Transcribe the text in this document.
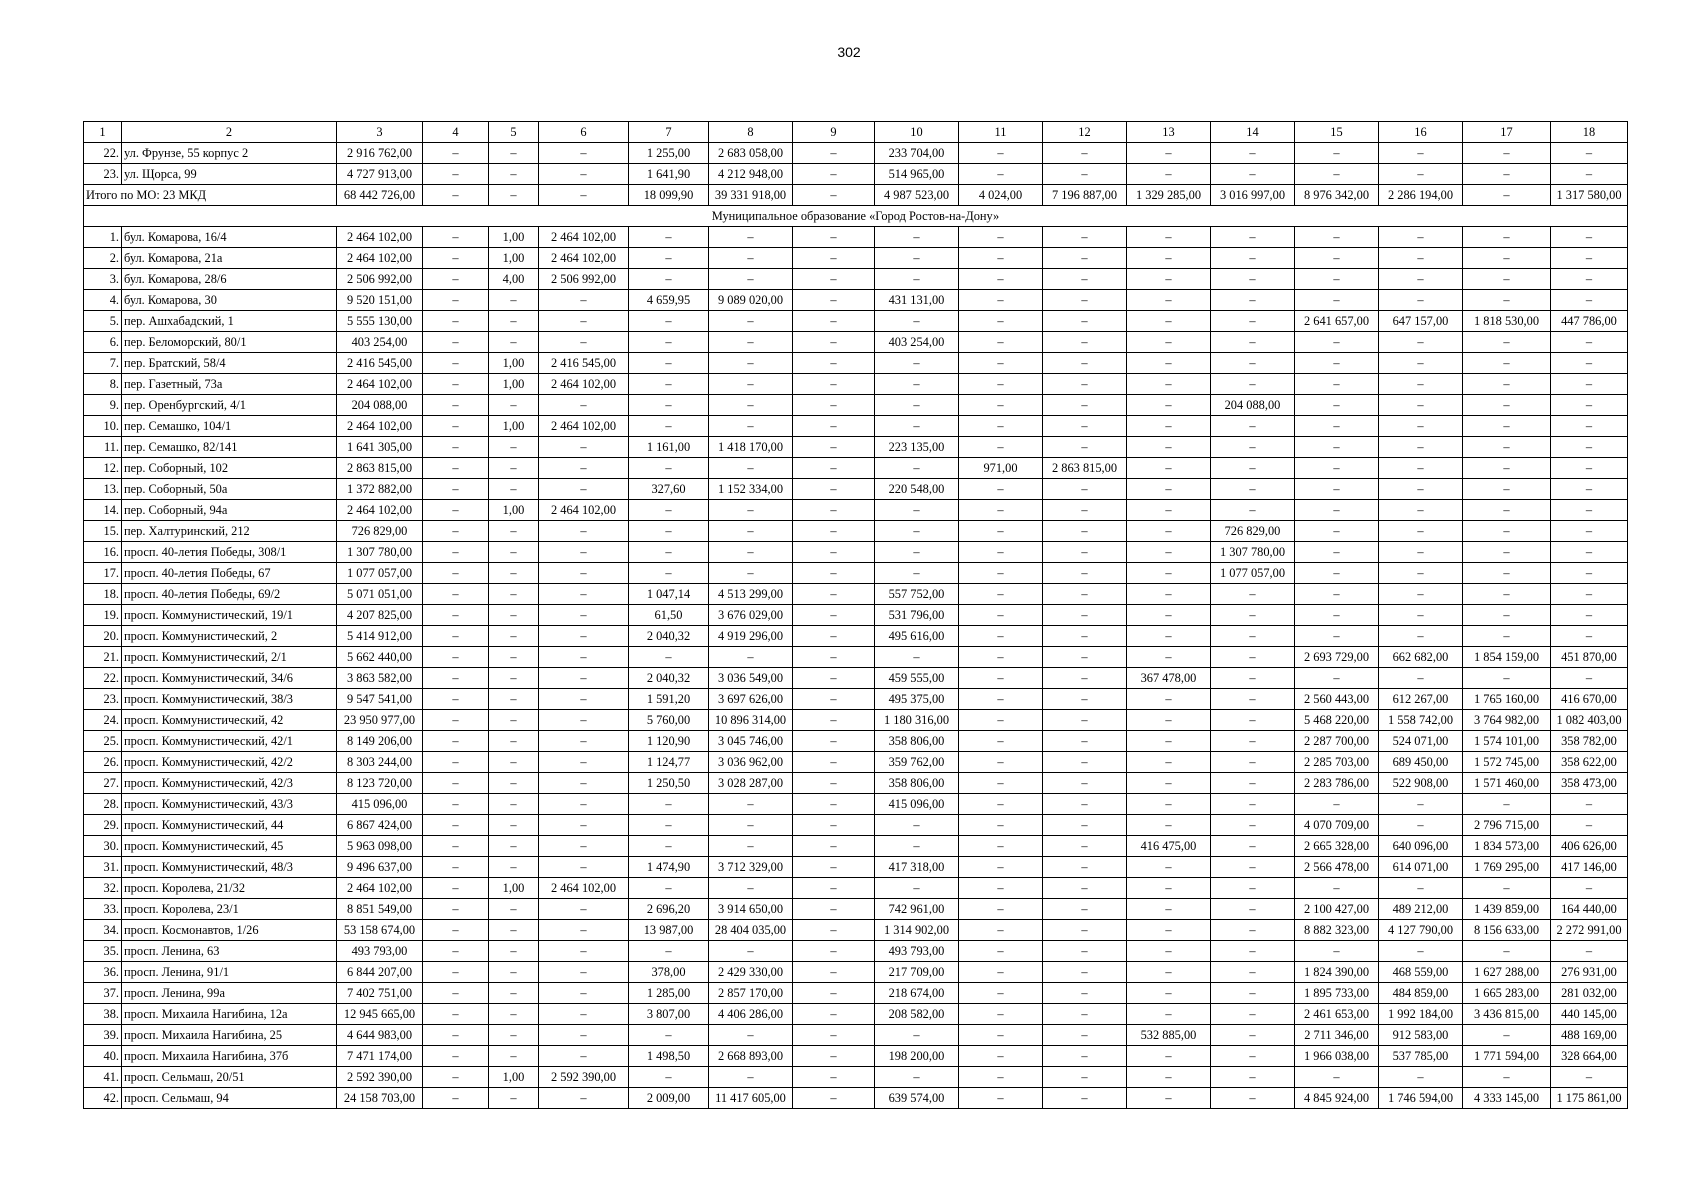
302
1	2	3	4	5	6	7	8	9	10	11	12	13	14	15	16	17	18
22.	ул. Фрунзе, 55 корпус 2	2 916 762,00	–	–	–	1 255,00	2 683 058,00	–	233 704,00	–	–	–	–	–	–	–	–
23.	ул. Щорса, 99	4 727 913,00	–	–	–	1 641,90	4 212 948,00	–	514 965,00	–	–	–	–	–	–	–	–
Итого по МО: 23 МКД		68 442 726,00	–	–	–	18 099,90	39 331 918,00	–	4 987 523,00	4 024,00	7 196 887,00	1 329 285,00	3 016 997,00	8 976 342,00	2 286 194,00	–	1 317 580,00
Муниципальное образование «Город Ростов-на-Дону»																	
1.	бул. Комарова, 16/4	2 464 102,00	–	1,00	2 464 102,00	–	–	–	–	–	–	–	–	–	–	–	–
2.	бул. Комарова, 21а	2 464 102,00	–	1,00	2 464 102,00	–	–	–	–	–	–	–	–	–	–	–	–
3.	бул. Комарова, 28/6	2 506 992,00	–	4,00	2 506 992,00	–	–	–	–	–	–	–	–	–	–	–	–
4.	бул. Комарова, 30	9 520 151,00	–	–	–	4 659,95	9 089 020,00	–	431 131,00	–	–	–	–	–	–	–	–
5.	пер. Ашхабадский, 1	5 555 130,00	–	–	–	–	–	–	–	–	–	–	–	2 641 657,00	647 157,00	1 818 530,00	447 786,00
6.	пер. Беломорский, 80/1	403 254,00	–	–	–	–	–	–	403 254,00	–	–	–	–	–	–	–	–
7.	пер. Братский, 58/4	2 416 545,00	–	1,00	2 416 545,00	–	–	–	–	–	–	–	–	–	–	–	–
8.	пер. Газетный, 73а	2 464 102,00	–	1,00	2 464 102,00	–	–	–	–	–	–	–	–	–	–	–	–
9.	пер. Оренбургский, 4/1	204 088,00	–	–	–	–	–	–	–	–	–	–	204 088,00	–	–	–	–
10.	пер. Семашко, 104/1	2 464 102,00	–	1,00	2 464 102,00	–	–	–	–	–	–	–	–	–	–	–	–
11.	пер. Семашко, 82/141	1 641 305,00	–	–	–	1 161,00	1 418 170,00	–	223 135,00	–	–	–	–	–	–	–	–
12.	пер. Соборный, 102	2 863 815,00	–	–	–	–	–	–	–	971,00	2 863 815,00	–	–	–	–	–	–
13.	пер. Соборный, 50а	1 372 882,00	–	–	–	327,60	1 152 334,00	–	220 548,00	–	–	–	–	–	–	–	–
14.	пер. Соборный, 94а	2 464 102,00	–	1,00	2 464 102,00	–	–	–	–	–	–	–	–	–	–	–	–
15.	пер. Халтуринский, 212	726 829,00	–	–	–	–	–	–	–	–	–	–	726 829,00	–	–	–	–
16.	просп. 40-летия Победы, 308/1	1 307 780,00	–	–	–	–	–	–	–	–	–	–	1 307 780,00	–	–	–	–
17.	просп. 40-летия Победы, 67	1 077 057,00	–	–	–	–	–	–	–	–	–	–	1 077 057,00	–	–	–	–
18.	просп. 40-летия Победы, 69/2	5 071 051,00	–	–	–	1 047,14	4 513 299,00	–	557 752,00	–	–	–	–	–	–	–	–
19.	просп. Коммунистический, 19/1	4 207 825,00	–	–	–	61,50	3 676 029,00	–	531 796,00	–	–	–	–	–	–	–	–
20.	просп. Коммунистический, 2	5 414 912,00	–	–	–	2 040,32	4 919 296,00	–	495 616,00	–	–	–	–	–	–	–	–
21.	просп. Коммунистический, 2/1	5 662 440,00	–	–	–	–	–	–	–	–	–	–	–	2 693 729,00	662 682,00	1 854 159,00	451 870,00
22.	просп. Коммунистический, 34/6	3 863 582,00	–	–	–	2 040,32	3 036 549,00	–	459 555,00	–	–	367 478,00	–	–	–	–	–
23.	просп. Коммунистический, 38/3	9 547 541,00	–	–	–	1 591,20	3 697 626,00	–	495 375,00	–	–	–	–	2 560 443,00	612 267,00	1 765 160,00	416 670,00
24.	просп. Коммунистический, 42	23 950 977,00	–	–	–	5 760,00	10 896 314,00	–	1 180 316,00	–	–	–	–	5 468 220,00	1 558 742,00	3 764 982,00	1 082 403,00
25.	просп. Коммунистический, 42/1	8 149 206,00	–	–	–	1 120,90	3 045 746,00	–	358 806,00	–	–	–	–	2 287 700,00	524 071,00	1 574 101,00	358 782,00
26.	просп. Коммунистический, 42/2	8 303 244,00	–	–	–	1 124,77	3 036 962,00	–	359 762,00	–	–	–	–	2 285 703,00	689 450,00	1 572 745,00	358 622,00
27.	просп. Коммунистический, 42/3	8 123 720,00	–	–	–	1 250,50	3 028 287,00	–	358 806,00	–	–	–	–	2 283 786,00	522 908,00	1 571 460,00	358 473,00
28.	просп. Коммунистический, 43/3	415 096,00	–	–	–	–	–	–	415 096,00	–	–	–	–	–	–	–	–
29.	просп. Коммунистический, 44	6 867 424,00	–	–	–	–	–	–	–	–	–	–	–	4 070 709,00	–	2 796 715,00	–
30.	просп. Коммунистический, 45	5 963 098,00	–	–	–	–	–	–	–	–	–	416 475,00	–	2 665 328,00	640 096,00	1 834 573,00	406 626,00
31.	просп. Коммунистический, 48/3	9 496 637,00	–	–	–	1 474,90	3 712 329,00	–	417 318,00	–	–	–	–	2 566 478,00	614 071,00	1 769 295,00	417 146,00
32.	просп. Королева, 21/32	2 464 102,00	–	1,00	2 464 102,00	–	–	–	–	–	–	–	–	–	–	–	–
33.	просп. Королева, 23/1	8 851 549,00	–	–	–	2 696,20	3 914 650,00	–	742 961,00	–	–	–	–	2 100 427,00	489 212,00	1 439 859,00	164 440,00
34.	просп. Космонавтов, 1/26	53 158 674,00	–	–	–	13 987,00	28 404 035,00	–	1 314 902,00	–	–	–	–	8 882 323,00	4 127 790,00	8 156 633,00	2 272 991,00
35.	просп. Ленина, 63	493 793,00	–	–	–	–	–	–	493 793,00	–	–	–	–	–	–	–	–
36.	просп. Ленина, 91/1	6 844 207,00	–	–	–	378,00	2 429 330,00	–	217 709,00	–	–	–	–	1 824 390,00	468 559,00	1 627 288,00	276 931,00
37.	просп. Ленина, 99а	7 402 751,00	–	–	–	1 285,00	2 857 170,00	–	218 674,00	–	–	–	–	1 895 733,00	484 859,00	1 665 283,00	281 032,00
38.	просп. Михаила Нагибина, 12а	12 945 665,00	–	–	–	3 807,00	4 406 286,00	–	208 582,00	–	–	–	–	2 461 653,00	1 992 184,00	3 436 815,00	440 145,00
39.	просп. Михаила Нагибина, 25	4 644 983,00	–	–	–	–	–	–	–	–	–	532 885,00	–	2 711 346,00	912 583,00	–	488 169,00
40.	просп. Михаила Нагибина, 37б	7 471 174,00	–	–	–	1 498,50	2 668 893,00	–	198 200,00	–	–	–	–	1 966 038,00	537 785,00	1 771 594,00	328 664,00
41.	просп. Сельмаш, 20/51	2 592 390,00	–	1,00	2 592 390,00	–	–	–	–	–	–	–	–	–	–	–	–
42.	просп. Сельмаш, 94	24 158 703,00	–	–	–	2 009,00	11 417 605,00	–	639 574,00	–	–	–	–	4 845 924,00	1 746 594,00	4 333 145,00	1 175 861,00
